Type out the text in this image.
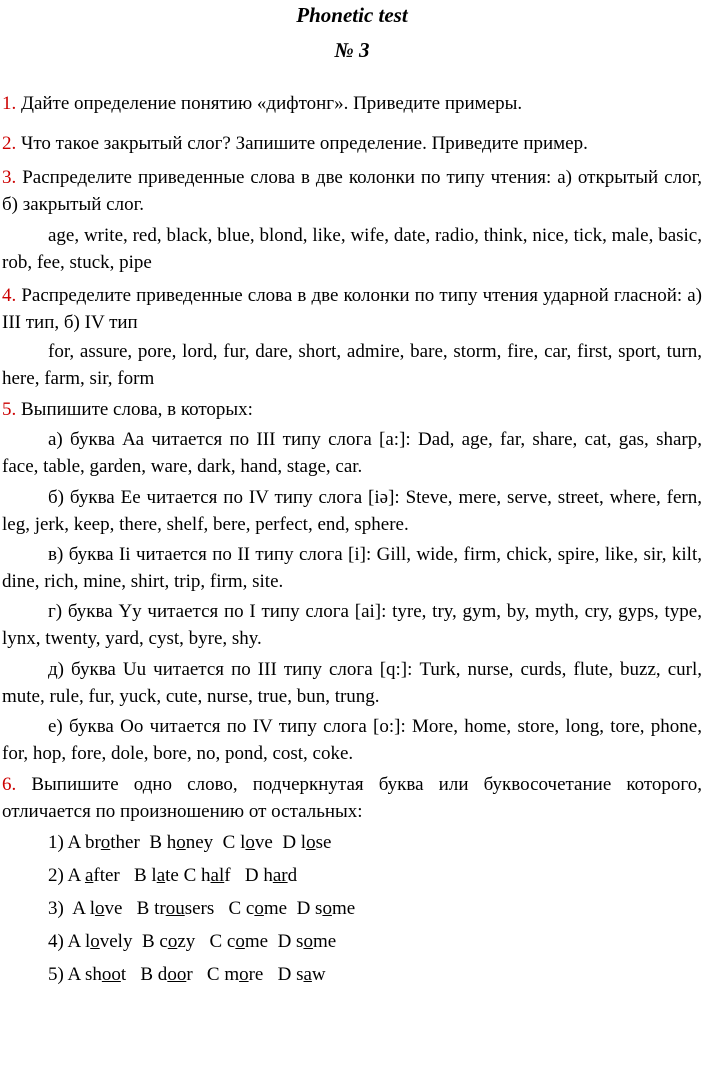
Phonetic test
№ 3
1. Дайте определение понятию «дифтонг». Приведите примеры.
2. Что такое закрытый слог? Запишите определение. Приведите пример.
3. Распределите приведенные слова в две колонки по типу чтения: а) открытый слог, б) закрытый слог.
age, write, red, black, blue, blond, like, wife, date, radio, think, nice, tick, male, basic, rob, fee, stuck, pipe
4. Распределите приведенные слова в две колонки по типу чтения ударной гласной: а) III тип, б) IV тип
for, assure, pore, lord, fur, dare, short, admire, bare, storm, fire, car, first, sport, turn, here, farm, sir, form
5. Выпишите слова, в которых:
а) буква Аа читается по III типу слога [a:]: Dad, age, far, share, cat, gas, sharp, face, table, garden, ware, dark, hand, stage, car.
б) буква Ее читается по IV типу слога [iə]: Steve, mere, serve, street, where, fern, leg, jerk, keep, there, shelf, bere, perfect, end, sphere.
в) буква Ii читается по II типу слога [i]: Gill, wide, firm, chick, spire, like, sir, kilt, dine, rich, mine, shirt, trip, firm, site.
г) буква Yy читается по I типу слога [ai]: tyre, try, gym, by, myth, cry, gyps, type, lynx, twenty, yard, cyst, byre, shy.
д) буква Uu читается по III типу слога [q:]: Turk, nurse, curds, flute, buzz, curl, mute, rule, fur, yuck, cute, nurse, true, bun, trung.
е) буква Оо читается по IV типу слога [o:]: More, home, store, long, tore, phone, for, hop, fore, dole, bore, no, pond, cost, coke.
6. Выпишите одно слово, подчеркнутая буква или буквосочетание которого, отличается по произношению от остальных:
1) A brother  B honey  C love  D lose
2) A after   B late C half   D hard
3)  A love   B trousers   C come  D some
4) A lovely  B cozy   C come  D some
5) A shoot   B door   C more   D saw
